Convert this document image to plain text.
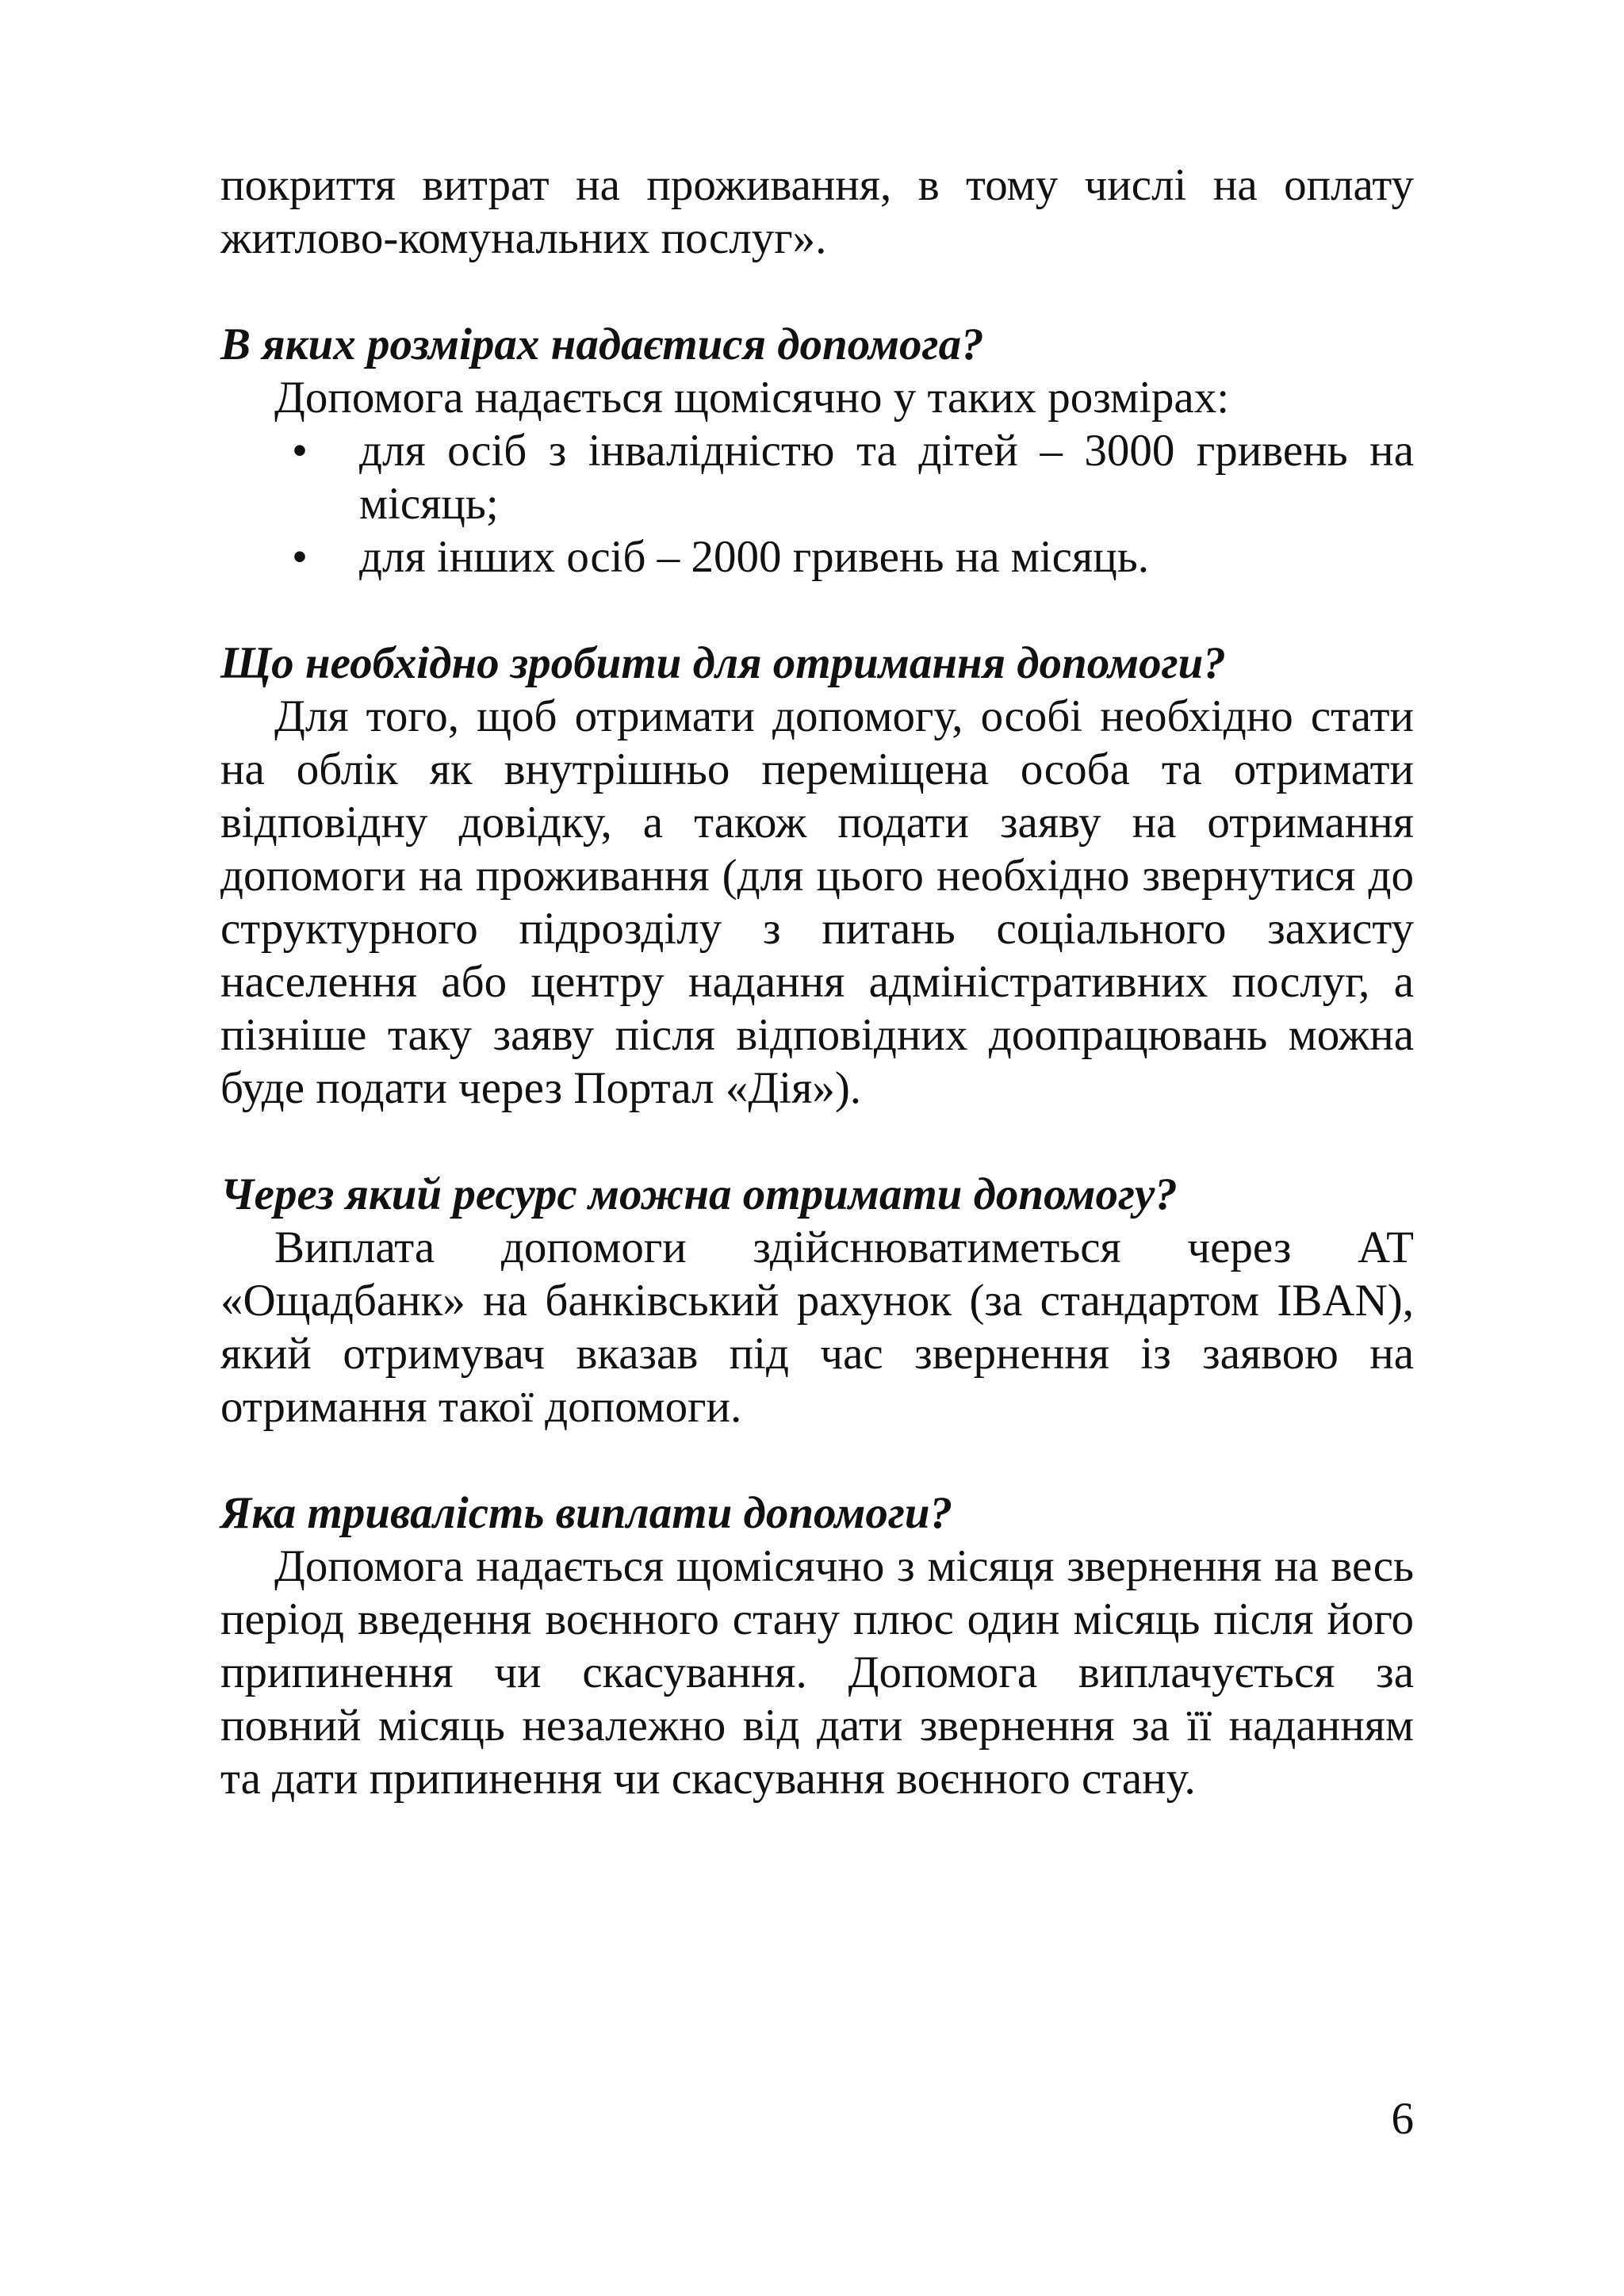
покриття витрат на проживання, в тому числі на оплату житлово-комунальних послуг».

В яких розмірах надаєтися допомога?

Допомога надається щомісячно у таких розмірах:

• для осіб з інвалідністю та дітей – 3000 гривень на місяць;
• для інших осіб – 2000 гривень на місяць.

Що необхідно зробити для отримання допомоги?

Для того, щоб отримати допомогу, особі необхідно стати на облік як внутрішньо переміщена особа та отримати відповідну довідку, а також подати заяву на отримання допомоги на проживання (для цього необхідно звернутися до структурного підрозділу з питань соціального захисту населення або центру надання адміністративних послуг, а пізніше таку заяву після відповідних доопрацювань можна буде подати через Портал «Дія»).

Через який ресурс можна отримати допомогу?

Виплата допомоги здійснюватиметься через АТ «Ощадбанк» на банківський рахунок (за стандартом IBAN), який отримувач вказав під час звернення із заявою на отримання такої допомоги.

Яка тривалість виплати допомоги?

Допомога надається щомісячно з місяця звернення на весь період введення воєнного стану плюс один місяць після його припинення чи скасування. Допомога виплачується за повний місяць незалежно від дати звернення за її наданням та дати припинення чи скасування воєнного стану.

6
